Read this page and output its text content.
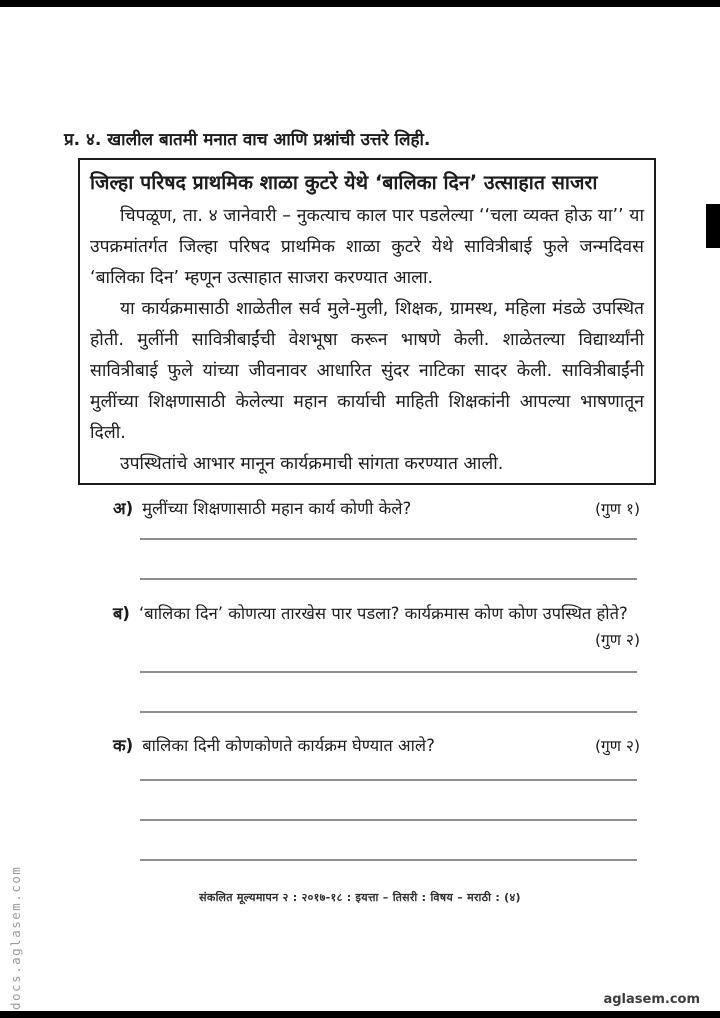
प्र. ४. खालील बातमी मनात वाच आणि प्रश्नांची उत्तरे लिही.
जिल्हा परिषद प्राथमिक शाळा कुटरे येथे ‘बालिका दिन’ उत्साहात साजरा

चिपळूण, ता. ४ जानेवारी – नुकत्याच काल पार पडलेल्या ‘‘चला व्यक्त होऊ या’’ या उपक्रमांतर्गत जिल्हा परिषद प्राथमिक शाळा कुटरे येथे सावित्रीबाई फुले जन्मदिवस ‘बालिका दिन’ म्हणून उत्साहात साजरा करण्यात आला.

या कार्यक्रमासाठी शाळेतील सर्व मुले-मुली, शिक्षक, ग्रामस्थ, महिला मंडळे उपस्थित होती. मुलींनी सावित्रीबाईंची वेशभूषा करून भाषणे केली. शाळेतल्या विद्यार्थ्यांनी सावित्रीबाई फुले यांच्या जीवनावर आधारित सुंदर नाटिका सादर केली. सावित्रीबाईंनी मुलींच्या शिक्षणासाठी केलेल्या महान कार्याची माहिती शिक्षकांनी आपल्या भाषणातून दिली.

उपस्थितांचे आभार मानून कार्यक्रमाची सांगता करण्यात आली.

अ) मुलींच्या शिक्षणासाठी महान कार्य कोणी केले?	(गुण १)
ब) ‘बालिका दिन’ कोणत्या तारखेस पार पडला? कार्यक्रमास कोण कोण उपस्थित होते?
(गुण २)
क) बालिका दिनी कोणकोणते कार्यक्रम घेण्यात आले?	(गुण २)
संकलित मूल्यमापन २ : २०१७-१८ : इयत्ता – तिसरी : विषय – मराठी : (४)
docs.aglasem.com	aglasem.com
